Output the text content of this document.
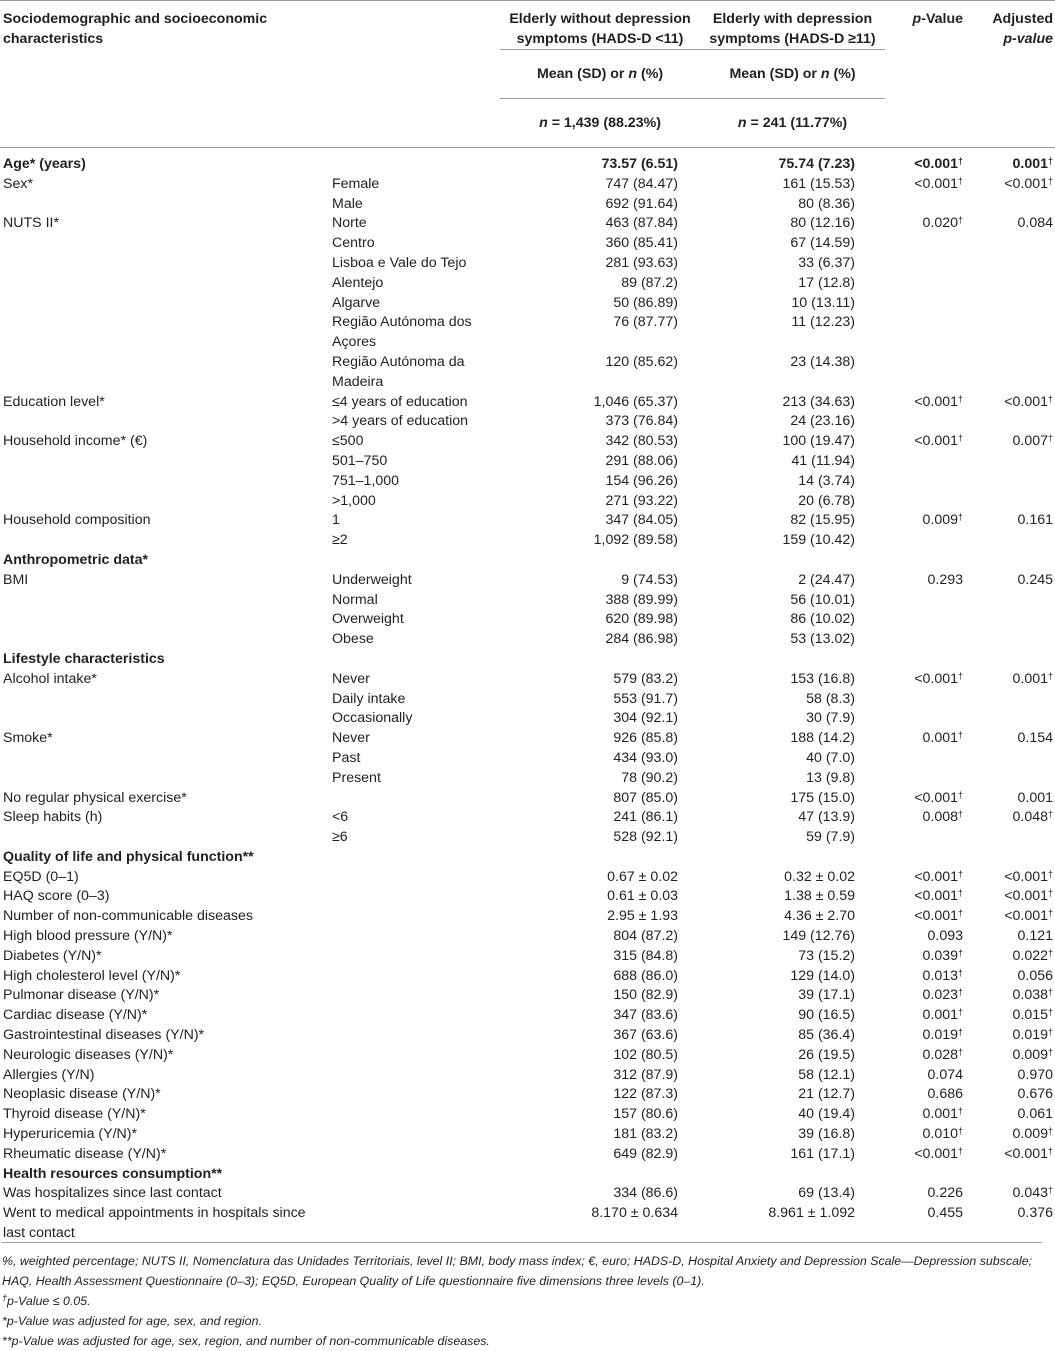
Sociodemographic and socioeconomic
characteristics		Elderly without depression
symptoms (HADS-D <11)	Elderly with depression
symptoms (HADS-D ≥11)	p-Value	Adjusted
p-value
		Mean (SD) or n (%)	Mean (SD) or n (%)		
		n = 1,439 (88.23%)	n = 241 (11.77%)		

Age* (years)		73.57 (6.51)	75.74 (7.23)	<0.001†	0.001†
Sex*	Female	747 (84.47)	161 (15.53)	<0.001†	<0.001†
	Male	692 (91.64)	80 (8.36)		
NUTS II*	Norte	463 (87.84)	80 (12.16)	0.020†	0.084
	Centro	360 (85.41)	67 (14.59)		
	Lisboa e Vale do Tejo	281 (93.63)	33 (6.37)		
	Alentejo	89 (87.2)	17 (12.8)		
	Algarve	50 (86.89)	10 (13.11)		
	Região Autónoma dos	76 (87.77)	11 (12.23)		
	Açores				
	Região Autónoma da	120 (85.62)	23 (14.38)		
	Madeira				
Education level*	≤4 years of education	1,046 (65.37)	213 (34.63)	<0.001†	<0.001†
	>4 years of education	373 (76.84)	24 (23.16)		
Household income* (€)	≤500	342 (80.53)	100 (19.47)	<0.001†	0.007†
	501–750	291 (88.06)	41 (11.94)		
	751–1,000	154 (96.26)	14 (3.74)		
	>1,000	271 (93.22)	20 (6.78)		
Household composition	1	347 (84.05)	82 (15.95)	0.009†	0.161
	≥2	1,092 (89.58)	159 (10.42)		
Anthropometric data*					
BMI	Underweight	9 (74.53)	2 (24.47)	0.293	0.245
	Normal	388 (89.99)	56 (10.01)		
	Overweight	620 (89.98)	86 (10.02)		
	Obese	284 (86.98)	53 (13.02)		
Lifestyle characteristics					
Alcohol intake*	Never	579 (83.2)	153 (16.8)	<0.001†	0.001†
	Daily intake	553 (91.7)	58 (8.3)		
	Occasionally	304 (92.1)	30 (7.9)		
Smoke*	Never	926 (85.8)	188 (14.2)	0.001†	0.154
	Past	434 (93.0)	40 (7.0)		
	Present	78 (90.2)	13 (9.8)		
No regular physical exercise*		807 (85.0)	175 (15.0)	<0.001†	0.001
Sleep habits (h)	<6	241 (86.1)	47 (13.9)	0.008†	0.048†
	≥6	528 (92.1)	59 (7.9)		
Quality of life and physical function**					
EQ5D (0–1)		0.67 ± 0.02	0.32 ± 0.02	<0.001†	<0.001†
HAQ score (0–3)		0.61 ± 0.03	1.38 ± 0.59	<0.001†	<0.001†
Number of non-communicable diseases		2.95 ± 1.93	4.36 ± 2.70	<0.001†	<0.001†
High blood pressure (Y/N)*		804 (87.2)	149 (12.76)	0.093	0.121
Diabetes (Y/N)*		315 (84.8)	73 (15.2)	0.039†	0.022†
High cholesterol level (Y/N)*		688 (86.0)	129 (14.0)	0.013†	0.056
Pulmonar disease (Y/N)*		150 (82.9)	39 (17.1)	0.023†	0.038†
Cardiac disease (Y/N)*		347 (83.6)	90 (16.5)	0.001†	0.015†
Gastrointestinal diseases (Y/N)*		367 (63.6)	85 (36.4)	0.019†	0.019†
Neurologic diseases (Y/N)*		102 (80.5)	26 (19.5)	0.028†	0.009†
Allergies (Y/N)		312 (87.9)	58 (12.1)	0.074	0.970
Neoplasic disease (Y/N)*		122 (87.3)	21 (12.7)	0.686	0.676
Thyroid disease (Y/N)*		157 (80.6)	40 (19.4)	0.001†	0.061
Hyperuricemia (Y/N)*		181 (83.2)	39 (16.8)	0.010†	0.009†
Rheumatic disease (Y/N)*		649 (82.9)	161 (17.1)	<0.001†	<0.001†
Health resources consumption**					
Was hospitalizes since last contact		334 (86.6)	69 (13.4)	0.226	0.043†
Went to medical appointments in hospitals since		8.170 ± 0.634	8.961 ± 1.092	0.455	0.376
last contact					

%, weighted percentage; NUTS II, Nomenclatura das Unidades Territoriais, level II; BMI, body mass index; €, euro; HADS-D, Hospital Anxiety and Depression Scale—Depression subscale; HAQ, Health Assessment Questionnaire (0–3); EQ5D, European Quality of Life questionnaire five dimensions three levels (0–1).

†p-Value ≤ 0.05.

*p-Value was adjusted for age, sex, and region.

**p-Value was adjusted for age, sex, region, and number of non-communicable diseases.
